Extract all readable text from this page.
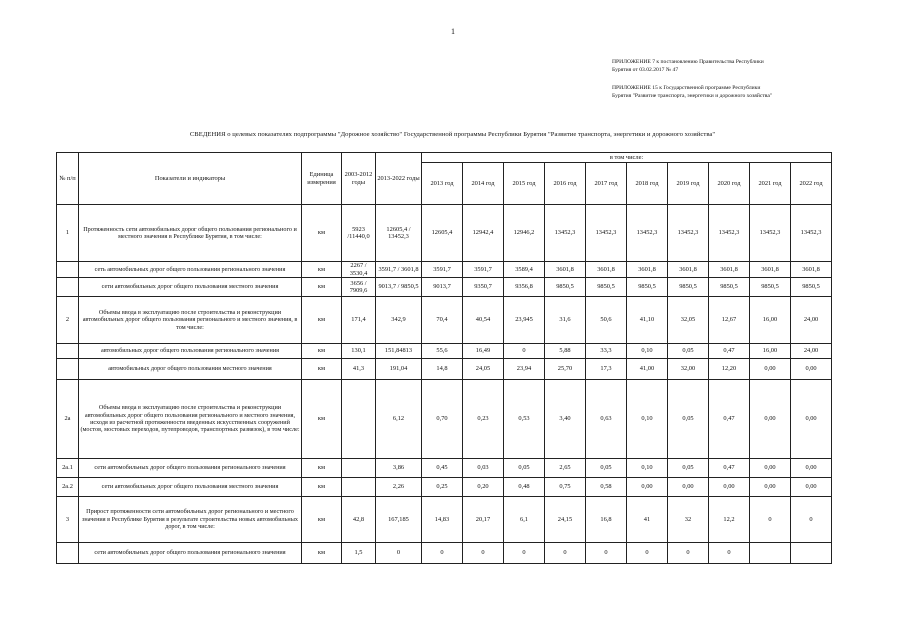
1
ПРИЛОЖЕНИЕ 7 к постановлению Правительства Республики
Бурятия от 03.02.2017 № 47
ПРИЛОЖЕНИЕ 15 к Государственной программе Республики
Бурятия "Развитие транспорта, энергетики и дорожного хозяйства"
СВЕДЕНИЯ о целевых показателях подпрограммы "Дорожное хозяйство" Государственной программы Республики Бурятия "Развитие транспорта, энергетики и дорожного хозяйства"
№ п/п	Показатели и индикаторы	Единица измерения	2003-2012 годы	2013-2022 годы	в том числе:									
					2013 год	2014 год	2015 год	2016 год	2017 год	2018 год	2019 год	2020 год	2021 год	2022 год
1	Протяженность сети автомобильных дорог общего пользования регионального и местного значения в Республике Бурятия, в том числе:	км	5923 /11440,0	12605,4 / 13452,3	12605,4	12942,4	12946,2	13452,3	13452,3	13452,3	13452,3	13452,3	13452,3	13452,3
	сеть автомобильных дорог общего пользования регионального значения	км	2267 / 3530,4	3591,7 / 3601,8	3591,7	3591,7	3589,4	3601,8	3601,8	3601,8	3601,8	3601,8	3601,8	3601,8
	сети автомобильных дорог общего пользования местного значения	км	3656 / 7909,6	9013,7 / 9850,5	9013,7	9350,7	9356,8	9850,5	9850,5	9850,5	9850,5	9850,5	9850,5	9850,5
2	Объемы ввода в эксплуатацию после строительства и реконструкции автомобильных дорог общего пользования регионального и местного значения, в том числе:	км	171,4	342,9	70,4	40,54	23,945	31,6	50,6	41,10	32,05	12,67	16,00	24,00
	автомобильных дорог общего пользования регионального значения	км	130,1	151,84813	55,6	16,49	0	5,88	33,3	0,10	0,05	0,47	16,00	24,00
	автомобильных дорог общего пользования местного значения	км	41,3	191,04	14,8	24,05	23,94	25,70	17,3	41,00	32,00	12,20	0,00	0,00
2а	Объемы ввода в эксплуатацию после строительства и реконструкции автомобильных дорог общего пользования регионального и местного значения, исходя из расчетной протяженности введенных искусственных сооружений (мостов, мостовых переходов, путепроводов, транспортных развязок), в том числе:	км		6,12	0,70	0,23	0,53	3,40	0,63	0,10	0,05	0,47	0,00	0,00
2а.1	сети автомобильных дорог общего пользования регионального значения	км		3,86	0,45	0,03	0,05	2,65	0,05	0,10	0,05	0,47	0,00	0,00
2а.2	сети автомобильных дорог общего пользования местного значения	км		2,26	0,25	0,20	0,48	0,75	0,58	0,00	0,00	0,00	0,00	0,00
3	Прирост протяженности сети автомобильных дорог регионального и местного значения в Республике Бурятия в результате строительства новых автомобильных дорог, в том числе:	км	42,8	167,185	14,83	20,17	6,1	24,15	16,8	41	32	12,2	0	0
	сети автомобильных дорог общего пользования регионального значения	км	1,5	0	0	0	0	0	0	0	0	0		
